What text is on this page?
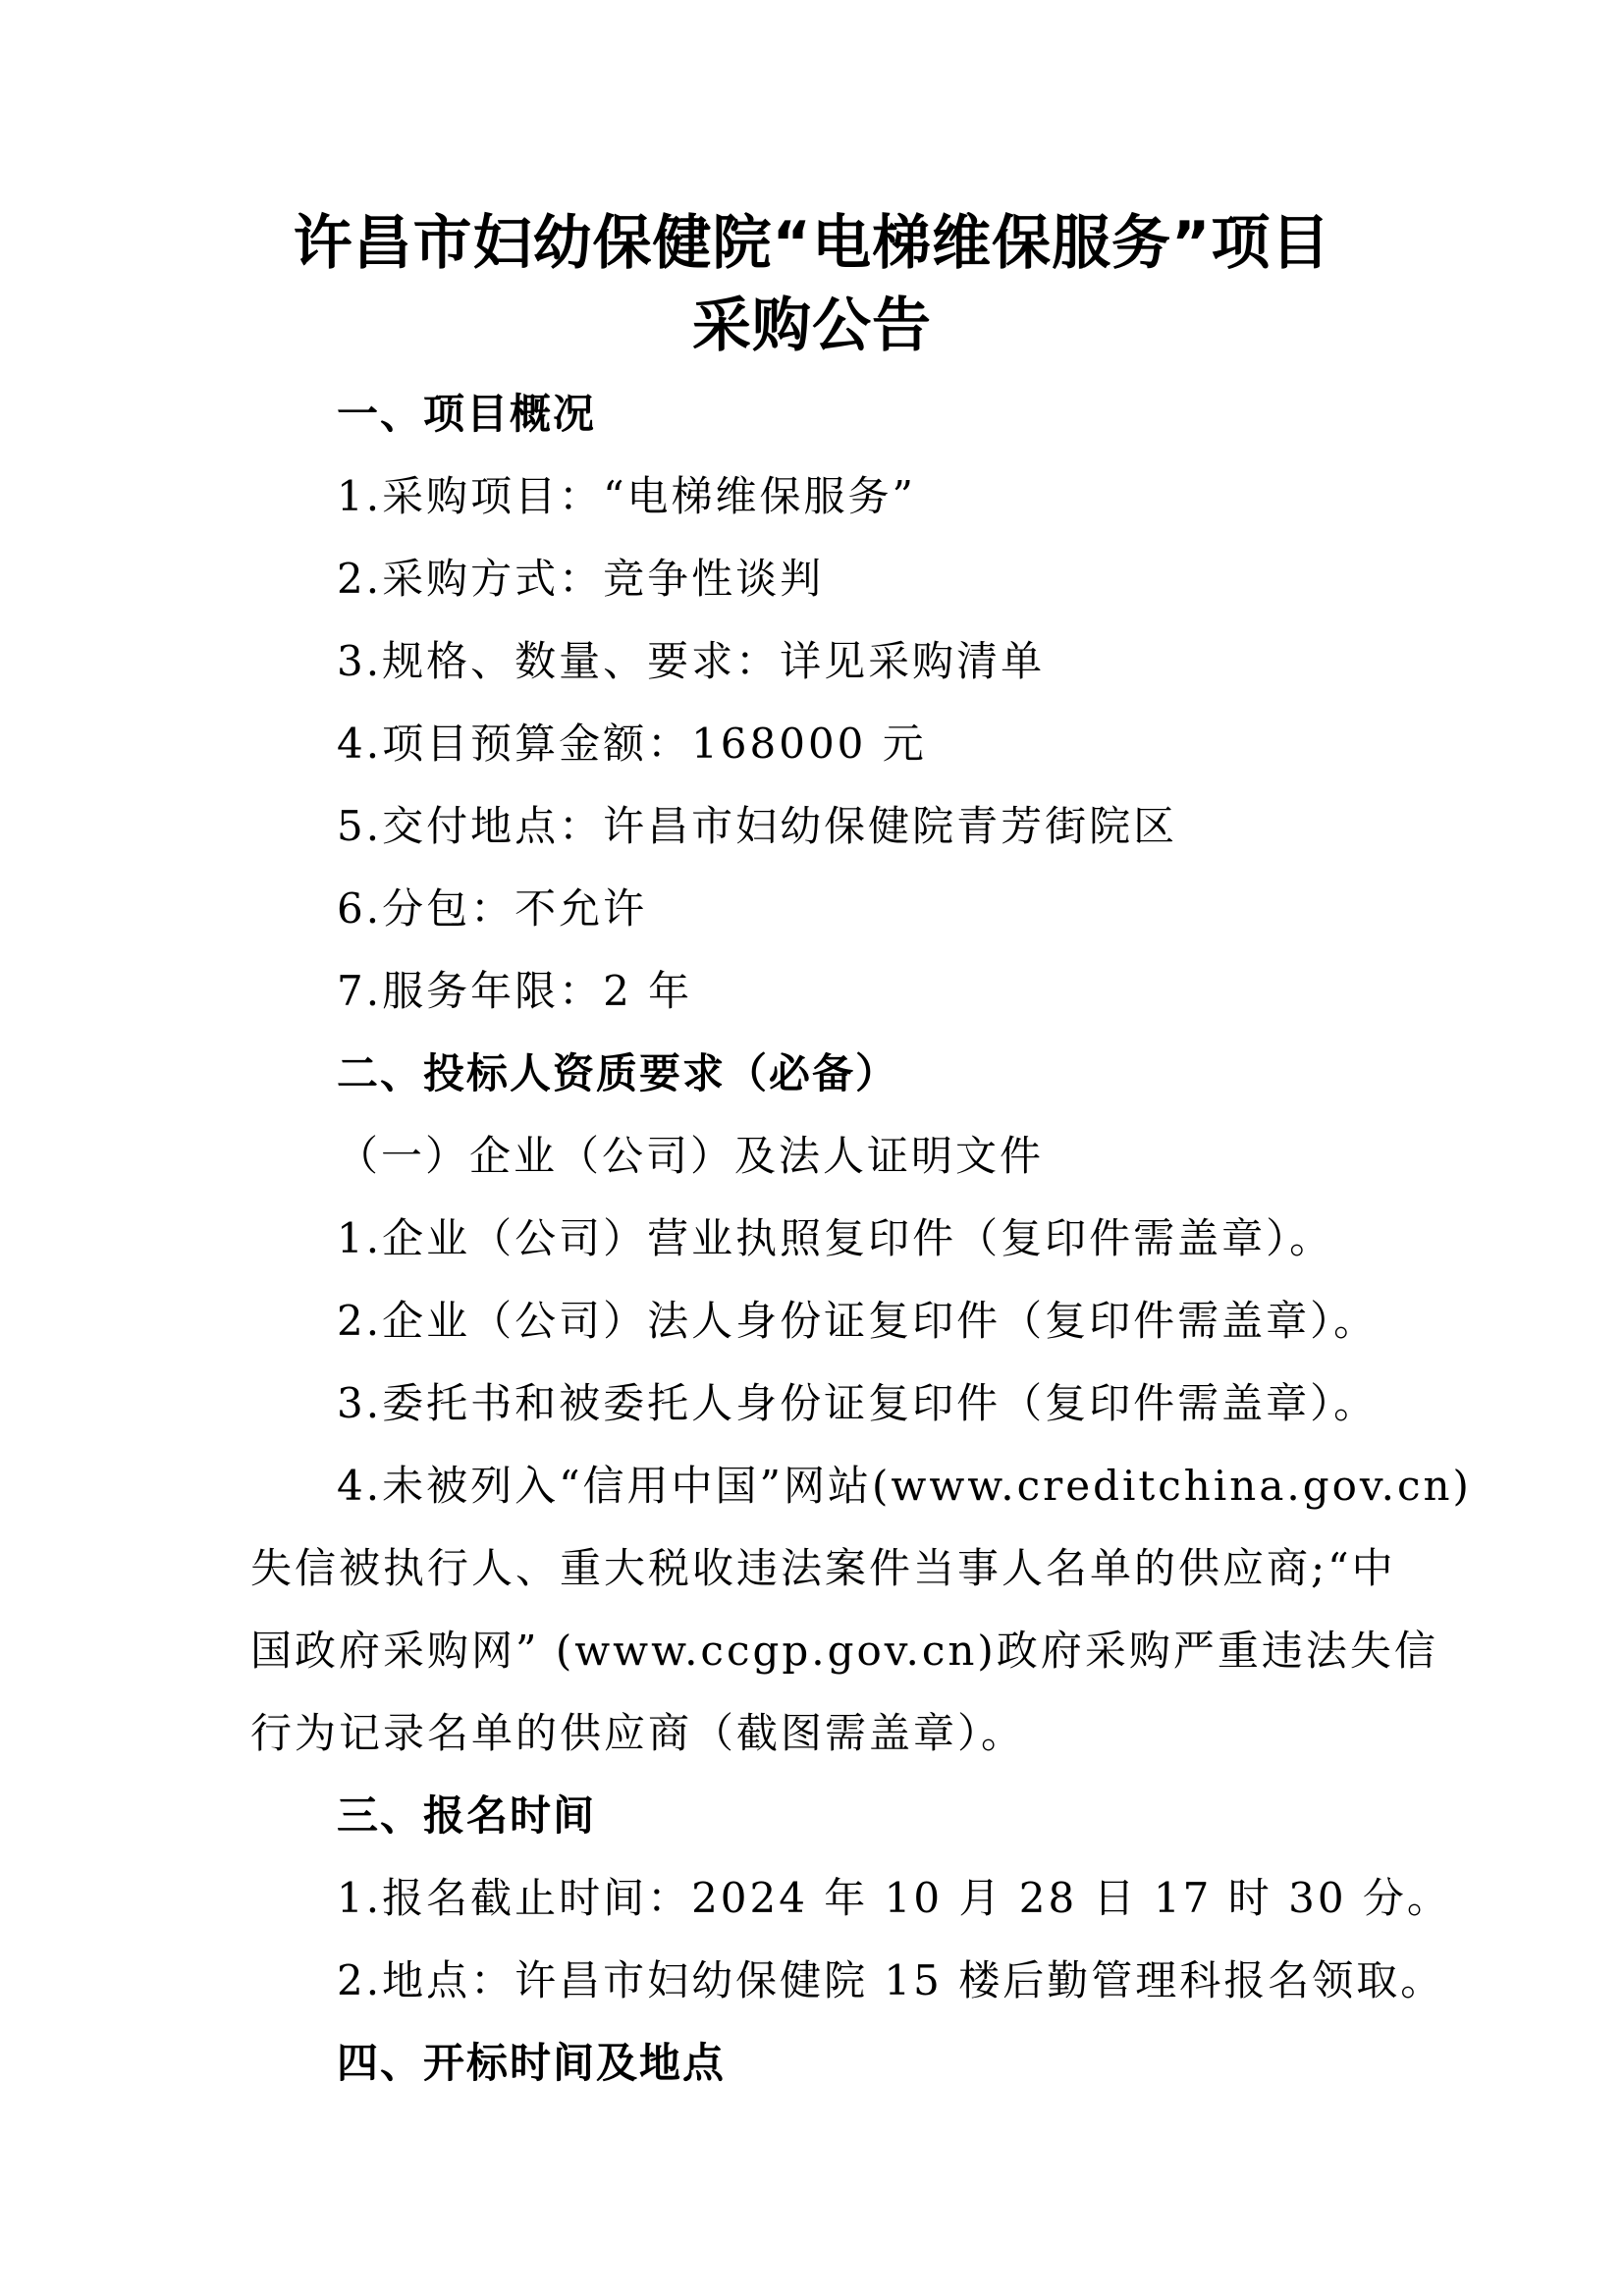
许昌市妇幼保健院“电梯维保服务”项目
采购公告

一、项目概况

1.采购项目：“电梯维保服务”

2.采购方式：竞争性谈判

3.规格、数量、要求：详见采购清单

4.项目预算金额：168000 元

5.交付地点：许昌市妇幼保健院青芳街院区

6.分包：不允许

7.服务年限：2 年

二、投标人资质要求（必备）

（一）企业（公司）及法人证明文件

1.企业（公司）营业执照复印件（复印件需盖章）。

2.企业（公司）法人身份证复印件（复印件需盖章）。

3.委托书和被委托人身份证复印件（复印件需盖章）。

4.未被列入“信用中国”网站(www.creditchina.gov.cn)

失信被执行人、重大税收违法案件当事人名单的供应商;“中

国政府采购网” (www.ccgp.gov.cn)政府采购严重违法失信

行为记录名单的供应商（截图需盖章）。

三、报名时间

1.报名截止时间：2024 年 10 月 28 日 17 时 30 分。

2.地点：许昌市妇幼保健院 15 楼后勤管理科报名领取。

四、开标时间及地点
